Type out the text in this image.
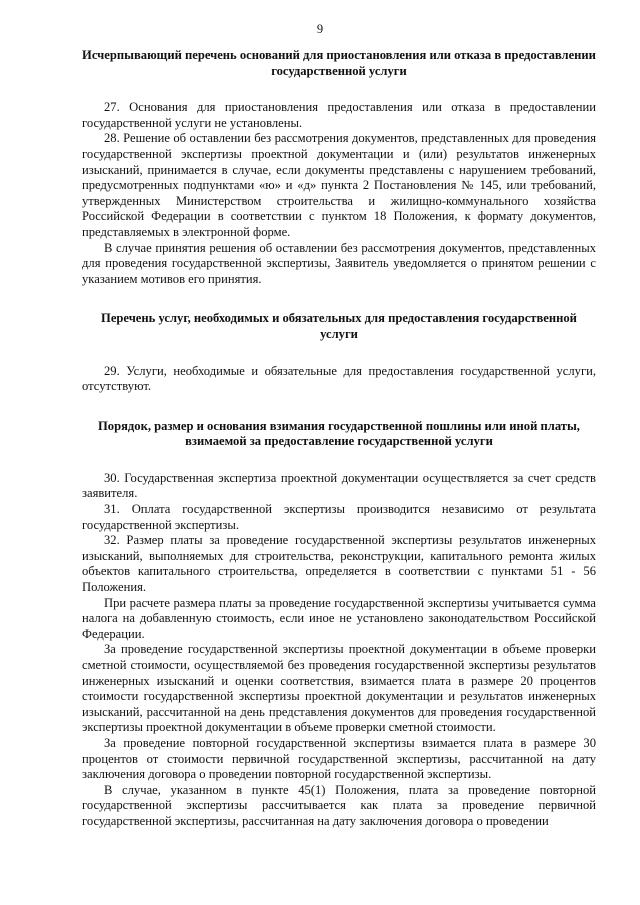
9

Исчерпывающий перечень оснований для приостановления или отказа в предоставлении государственной услуги

27. Основания для приостановления предоставления или отказа в предоставлении государственной услуги не установлены.

28. Решение об оставлении без рассмотрения документов, представленных для проведения государственной экспертизы проектной документации и (или) результатов инженерных изысканий, принимается в случае, если документы представлены с нарушением требований, предусмотренных подпунктами «ю» и «д» пункта 2 Постановления № 145, или требований, утвержденных Министерством строительства и жилищно-коммунального хозяйства Российской Федерации в соответствии с пунктом 18 Положения, к формату документов, представляемых в электронной форме.

В случае принятия решения об оставлении без рассмотрения документов, представленных для проведения государственной экспертизы, Заявитель уведомляется о принятом решении с указанием мотивов его принятия.

Перечень услуг, необходимых и обязательных для предоставления государственной услуги

29. Услуги, необходимые и обязательные для предоставления государственной услуги, отсутствуют.

Порядок, размер и основания взимания государственной пошлины или иной платы, взимаемой за предоставление государственной услуги

30. Государственная экспертиза проектной документации осуществляется за счет средств заявителя.

31. Оплата государственной экспертизы производится независимо от результата государственной экспертизы.

32. Размер платы за проведение государственной экспертизы результатов инженерных изысканий, выполняемых для строительства, реконструкции, капитального ремонта жилых объектов капитального строительства, определяется в соответствии с пунктами 51 - 56 Положения.

При расчете размера платы за проведение государственной экспертизы учитывается сумма налога на добавленную стоимость, если иное не установлено законодательством Российской Федерации.

За проведение государственной экспертизы проектной документации в объеме проверки сметной стоимости, осуществляемой без проведения государственной экспертизы результатов инженерных изысканий и оценки соответствия, взимается плата в размере 20 процентов стоимости государственной экспертизы проектной документации и результатов инженерных изысканий, рассчитанной на день представления документов для проведения государственной экспертизы проектной документации в объеме проверки сметной стоимости.

За проведение повторной государственной экспертизы взимается плата в размере 30 процентов от стоимости первичной государственной экспертизы, рассчитанной на дату заключения договора о проведении повторной государственной экспертизы.

В случае, указанном в пункте 45(1) Положения, плата за проведение повторной государственной экспертизы рассчитывается как плата за проведение первичной государственной экспертизы, рассчитанная на дату заключения договора о проведении
